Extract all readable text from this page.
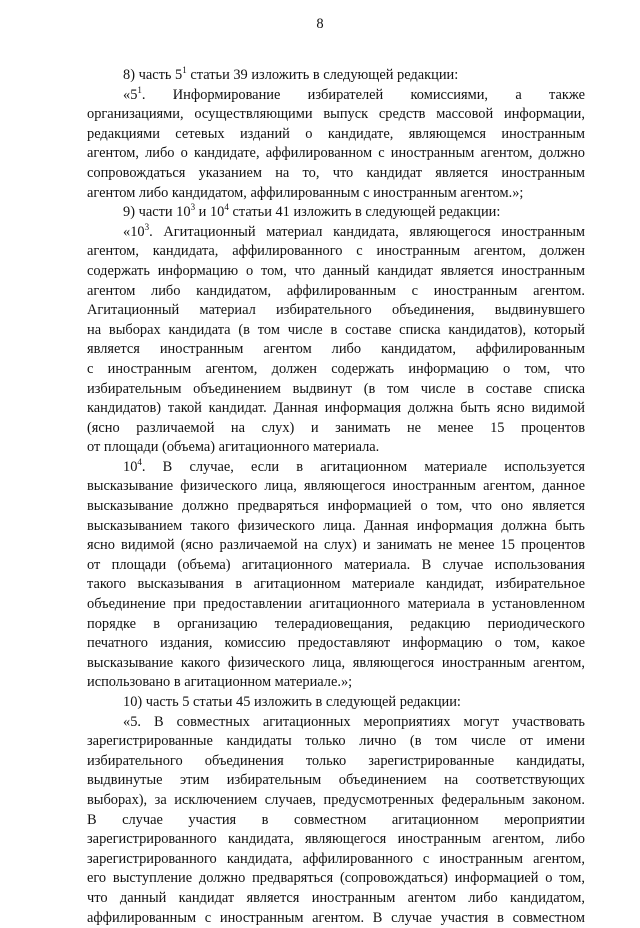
8
8) часть $5^1$ статьи 39 изложить в следующей редакции:
«$5^1$. Информирование избирателей комиссиями, а также
организациями, осуществляющими выпуск средств массовой информации,
редакциями сетевых изданий о кандидате, являющемся иностранным
агентом, либо о кандидате, аффилированном с иностранным агентом, должно
сопровождаться указанием на то, что кандидат является иностранным
агентом либо кандидатом, аффилированным с иностранным агентом.»;
9) части $10^3$ и $10^4$ статьи 41 изложить в следующей редакции:
«$10^3$. Агитационный материал кандидата, являющегося иностранным
агентом, кандидата, аффилированного с иностранным агентом, должен
содержать информацию о том, что данный кандидат является иностранным
агентом либо кандидатом, аффилированным с иностранным агентом.
Агитационный материал избирательного объединения, выдвинувшего
на выборах кандидата (в том числе в составе списка кандидатов), который
является иностранным агентом либо кандидатом, аффилированным
с иностранным агентом, должен содержать информацию о том, что
избирательным объединением выдвинут (в том числе в составе списка
кандидатов) такой кандидат. Данная информация должна быть ясно видимой
(ясно различаемой на слух) и занимать не менее 15 процентов
от площади (объема) агитационного материала.
$10^4$. В случае, если в агитационном материале используется
высказывание физического лица, являющегося иностранным агентом, данное
высказывание должно предваряться информацией о том, что оно является
высказыванием такого физического лица. Данная информация должна быть
ясно видимой (ясно различаемой на слух) и занимать не менее 15 процентов
от площади (объема) агитационного материала. В случае использования
такого высказывания в агитационном материале кандидат, избирательное
объединение при предоставлении агитационного материала в установленном
порядке в организацию телерадиовещания, редакцию периодического
печатного издания, комиссию предоставляют информацию о том, какое
высказывание какого физического лица, являющегося иностранным агентом,
использовано в агитационном материале.»;
10) часть 5 статьи 45 изложить в следующей редакции:
«5. В совместных агитационных мероприятиях могут участвовать
зарегистрированные кандидаты только лично (в том числе от имени
избирательного объединения только зарегистрированные кандидаты,
выдвинутые этим избирательным объединением на соответствующих
выборах), за исключением случаев, предусмотренных федеральным законом.
В случае участия в совместном агитационном мероприятии
зарегистрированного кандидата, являющегося иностранным агентом, либо
зарегистрированного кандидата, аффилированного с иностранным агентом,
его выступление должно предваряться (сопровождаться) информацией о том,
что данный кандидат является иностранным агентом либо кандидатом,
аффилированным с иностранным агентом. В случае участия в совместном
